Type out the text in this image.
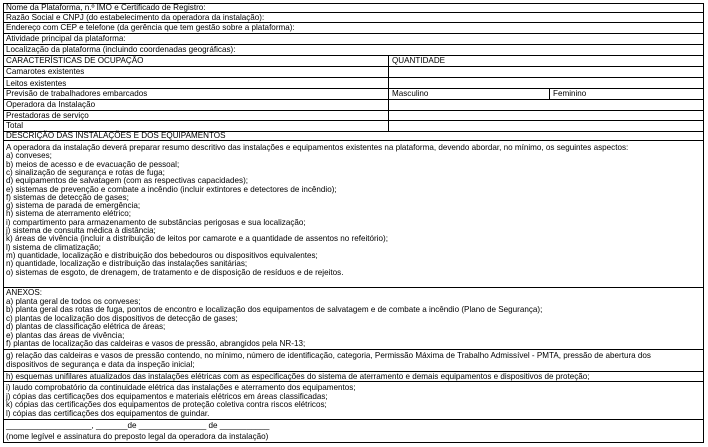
Nome da Plataforma, n.º IMO e Certificado de Registro:
Razão Social e CNPJ (do estabelecimento da operadora da instalação):
Endereço com CEP e telefone (da gerência que tem gestão sobre a plataforma):
Atividade principal da plataforma:
Localização da plataforma (incluindo coordenadas geográficas):
CARACTERÍSTICAS DE OCUPAÇÃO	QUANTIDADE
Camarotes existentes
Leitos existentes
Previsão de trabalhadores embarcados	Masculino	Feminino
Operadora da Instalação
Prestadoras de serviço
Total
DESCRIÇÃO DAS INSTALAÇÕES E DOS EQUIPAMENTOS
A operadora da instalação deverá preparar resumo descritivo das instalações e equipamentos existentes na plataforma, devendo abordar, no mínimo, os seguintes aspectos:
a) conveses;
b) meios de acesso e de evacuação de pessoal;
c) sinalização de segurança e rotas de fuga;
d) equipamentos de salvatagem (com as respectivas capacidades);
e) sistemas de prevenção e combate a incêndio (incluir extintores e detectores de incêndio);
f) sistemas de detecção de gases;
g) sistema de parada de emergência;
h) sistema de aterramento elétrico;
i) compartimento para armazenamento de substâncias perigosas e sua localização;
j) sistema de consulta médica à distância;
k) áreas de vivência (incluir a distribuição de leitos por camarote e a quantidade de assentos no refeitório);
l) sistema de climatização;
m) quantidade, localização e distribuição dos bebedouros ou dispositivos equivalentes;
n) quantidade, localização e distribuição das instalações sanitárias;
o) sistemas de esgoto, de drenagem, de tratamento e de disposição de resíduos e de rejeitos.
ANEXOS:
a) planta geral de todos os conveses;
b) planta geral das rotas de fuga, pontos de encontro e localização dos equipamentos de salvatagem e de combate a incêndio (Plano de Segurança);
c) plantas de localização dos dispositivos de detecção de gases;
d) plantas de classificação elétrica de áreas;
e) plantas das áreas de vivência;
f) plantas de localização das caldeiras e vasos de pressão, abrangidos pela NR-13;
g) relação das caldeiras e vasos de pressão contendo, no mínimo, número de identificação, categoria, Permissão Máxima de Trabalho Admissível - PMTA, pressão de abertura dos
dispositivos de segurança e data da inspeção inicial;
h) esquemas unifilares atualizados das instalações elétricas com as especificações do sistema de aterramento e demais equipamentos e dispositivos de proteção;
i) laudo comprobatório da continuidade elétrica das instalações e aterramento dos equipamentos;
j) cópias das certificações dos equipamentos e materiais elétricos em áreas classificadas;
k) cópias das certificações dos equipamentos de proteção coletiva contra riscos elétricos;
l) cópias das certificações dos equipamentos de guindar.
___________________, _______de _______________ de ___________
(nome legível e assinatura do preposto legal da operadora da instalação)
